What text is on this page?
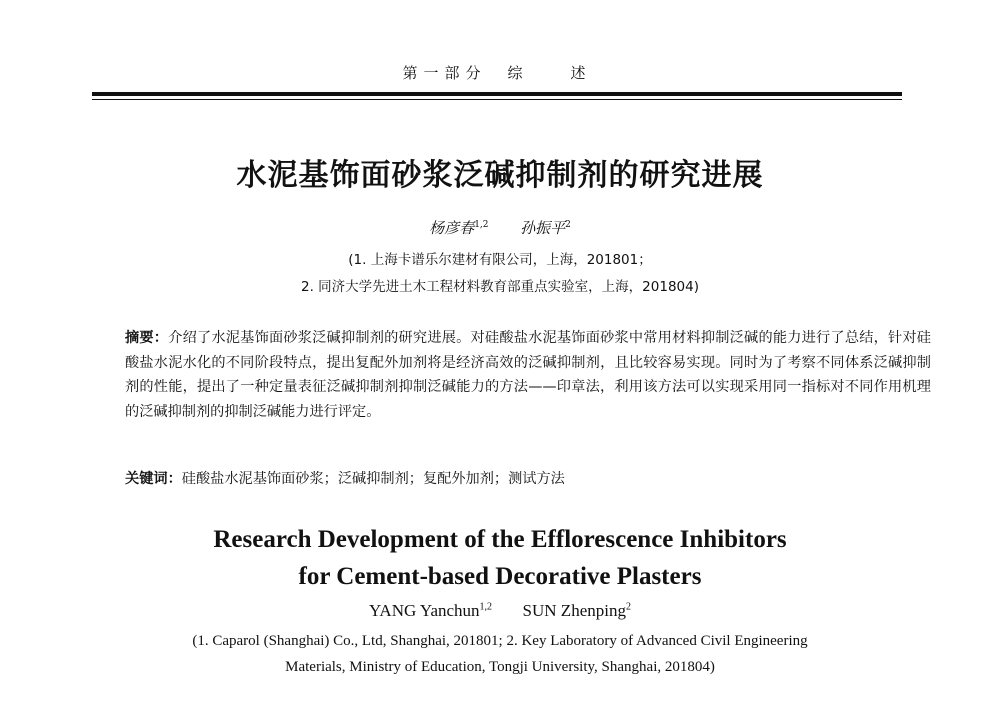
第一部分　综　　述
水泥基饰面砂浆泛碱抑制剂的研究进展
杨彦春$^{1,2}$ 孙振平$^2$
(1. 上海卡谱乐尔建材有限公司，上海，201801；
2. 同济大学先进土木工程材料教育部重点实验室，上海，201804)
摘要：介绍了水泥基饰面砂浆泛碱抑制剂的研究进展。对硅酸盐水泥基饰面砂浆中常用材料抑制泛碱的能力进行了总结，针对硅酸盐水泥水化的不同阶段特点，提出复配外加剂将是经济高效的泛碱抑制剂，且比较容易实现。同时为了考察不同体系泛碱抑制剂的性能，提出了一种定量表征泛碱抑制剂抑制泛碱能力的方法——印章法，利用该方法可以实现采用同一指标对不同作用机理的泛碱抑制剂的抑制泛碱能力进行评定。
关键词：硅酸盐水泥基饰面砂浆；泛碱抑制剂；复配外加剂；测试方法
Research Development of the Efflorescence Inhibitors
for Cement-based Decorative Plasters
YANG Yanchun$^{1,2}$ SUN Zhenping$^2$
(1. Caparol (Shanghai) Co., Ltd, Shanghai, 201801; 2. Key Laboratory of Advanced Civil Engineering
Materials, Ministry of Education, Tongji University, Shanghai, 201804)
